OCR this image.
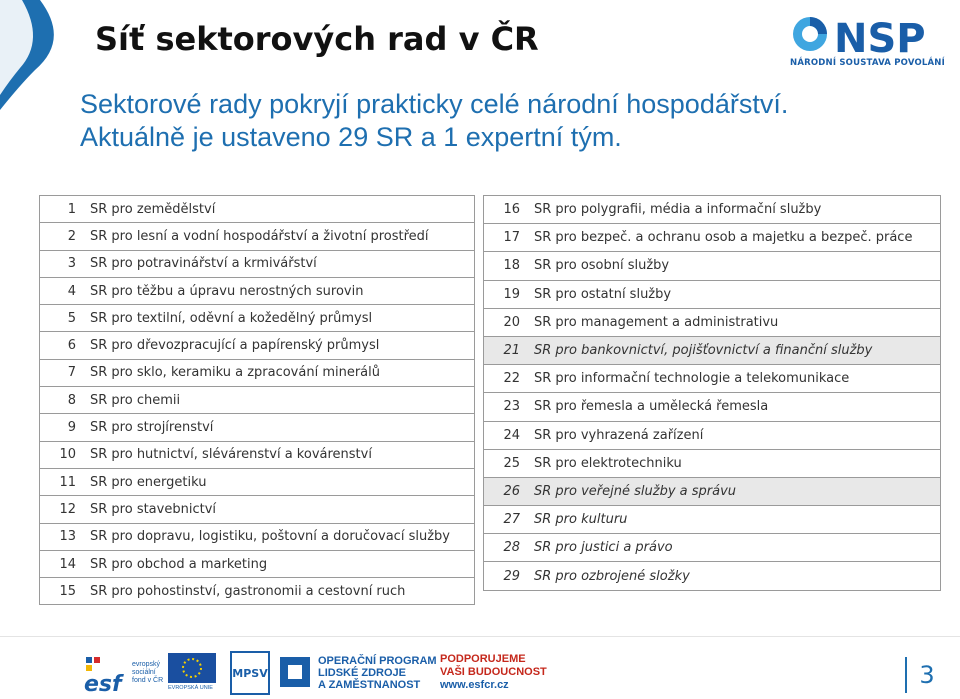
NSP
NÁRODNÍ SOUSTAVA POVOLÁNÍ
Síť sektorových rad v ČR
Sektorové rady pokryjí prakticky celé národní hospodářství.
Aktuálně je ustaveno 29 SR a 1 expertní tým.
1	SR pro zemědělství
2	SR pro lesní a vodní hospodářství a životní prostředí
3	SR pro potravinářství a krmivářství
4	SR pro těžbu a úpravu nerostných surovin
5	SR pro textilní, oděvní a kožedělný průmysl
6	SR pro dřevozpracující a papírenský průmysl
7	SR pro sklo, keramiku a zpracování minerálů
8	SR pro chemii
9	SR pro strojírenství
10	SR pro hutnictví, slévárenství a kovárenství
11	SR pro energetiku
12	SR pro stavebnictví
13	SR pro dopravu, logistiku, poštovní a doručovací služby
14	SR pro obchod a marketing
15	SR pro pohostinství, gastronomii a cestovní ruch
16	SR pro polygrafii, média a informační služby
17	SR pro bezpeč. a ochranu osob a majetku a bezpeč. práce
18	SR pro osobní služby
19	SR pro ostatní služby
20	SR pro management a administrativu
21	SR pro bankovnictví, pojišťovnictví a finanční služby
22	SR pro informační technologie a telekomunikace
23	SR pro řemesla a umělecká řemesla
24	SR pro vyhrazená zařízení
25	SR pro elektrotechniku
26	SR pro veřejné služby a správu
27	SR pro kulturu
28	SR pro justici a právo
29	SR pro ozbrojené složky
esf
evropský sociální fond v ČR
EVROPSKÁ UNIE
MPSV
OPERAČNÍ PROGRAM
LIDSKÉ ZDROJE
A ZAMĚSTNANOST
PODPORUJEME
VAŠI BUDOUCNOST
www.esfcr.cz	3
